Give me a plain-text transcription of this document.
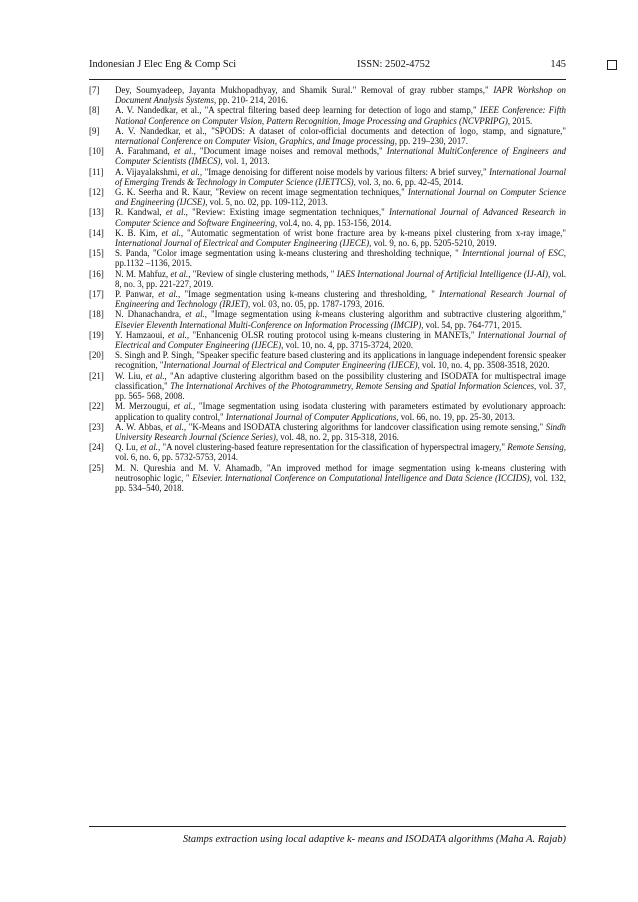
Indonesian J Elec Eng & Comp Sci	ISSN: 2502-4752	145
[7] Dey, Soumyadeep, Jayanta Mukhopadhyay, and Shamik Sural." Removal of gray rubber stamps," IAPR Workshop on Document Analysis Systems, pp. 210- 214, 2016.
[8] A. V. Nandedkar, et al., "A spectral filtering based deep learning for detection of logo and stamp," IEEE Conference: Fifth National Conference on Computer Vision, Pattern Recognition, Image Processing and Graphics (NCVPRIPG), 2015.
[9] A. V. Nandedkar, et al., "SPODS: A dataset of color-official documents and detection of logo, stamp, and signature," nternational Conference on Computer Vision, Graphics, and Image processing, pp. 219–230, 2017.
[10] A. Farahmand, et al., "Document image noises and removal methods," International MultiConference of Engineers and Computer Scientists (IMECS), vol. 1, 2013.
[11] A. Vijayalakshmi, et al., "Image denoising for different noise models by various filters: A brief survey," International Journal of Emerging Trends & Technology in Computer Science (IJETTCS), vol. 3, no. 6, pp. 42-45, 2014.
[12] G. K. Seerha and R. Kaur, "Review on recent image segmentation techniques," International Journal on Computer Science and Engineering (IJCSE), vol. 5, no. 02, pp. 109-112, 2013.
[13] R. Kandwal, et al., "Review: Existing image segmentation techniques," International Journal of Advanced Research in Computer Science and Software Engineering, vol.4, no. 4, pp. 153-156, 2014.
[14] K. B. Kim, et al., "Automatic segmentation of wrist bone fracture area by k-means pixel clustering from x-ray image," International Journal of Electrical and Computer Engineering (IJECE), vol. 9, no. 6, pp. 5205-5210, 2019.
[15] S. Panda, "Color image segmentation using k-means clustering and thresholding technique, " Interntional journal of ESC, pp.1132 –1136, 2015.
[16] N. M. Mahfuz, et al., "Review of single clustering methods, " IAES International Journal of Artificial Intelligence (IJ-AI), vol. 8, no. 3, pp. 221-227, 2019.
[17] P. Panwar, et al., "Image segmentation using k-means clustering and thresholding, " International Research Journal of Engineering and Technology (IRJET), vol. 03, no. 05, pp. 1787-1793, 2016.
[18] N. Dhanachandra, et al., "Image segmentation using k-means clustering algorithm and subtractive clustering algorithm," Elsevier Eleventh International Multi-Conference on Information Processing (IMCIP), vol. 54, pp. 764-771, 2015.
[19] Y. Hamzaoui, et al., "Enhancenig OLSR routing protocol using k-means clustering in MANETs," International Journal of Electrical and Computer Engineering (IJECE), vol. 10, no. 4, pp. 3715-3724, 2020.
[20] S. Singh and P. Singh, "Speaker specific feature based clustering and its applications in language independent forensic speaker recognition, "International Journal of Electrical and Computer Engineering (IJECE), vol. 10, no. 4, pp. 3508-3518, 2020.
[21] W. Liu, et al., "An adaptive clustering algorithm based on the possibility clustering and ISODATA for multispectral image classification," The International Archives of the Photogrammetry, Remote Sensing and Spatial Information Sciences, vol. 37, pp. 565- 568, 2008.
[22] M. Merzougui, et al., "Image segmentation using isodata clustering with parameters estimated by evolutionary approach: application to quality control," International Journal of Computer Applications, vol. 66, no. 19, pp. 25-30, 2013.
[23] A. W. Abbas, et al., "K-Means and ISODATA clustering algorithms for landcover classification using remote sensing," Sindh University Research Journal (Science Series), vol. 48, no. 2, pp. 315-318, 2016.
[24] Q. Lu, et al., "A novel clustering-based feature representation for the classification of hyperspectral imagery," Remote Sensing, vol. 6, no. 6, pp. 5732-5753, 2014.
[25] M. N. Qureshia and M. V. Ahamadb, "An improved method for image segmentation using k-means clustering with neutrosophic logic, " Elsevier. International Conference on Computational Intelligence and Data Science (ICCIDS), vol. 132, pp. 534–540, 2018.
Stamps extraction using local adaptive k- means and ISODATA algorithms (Maha A. Rajab)
